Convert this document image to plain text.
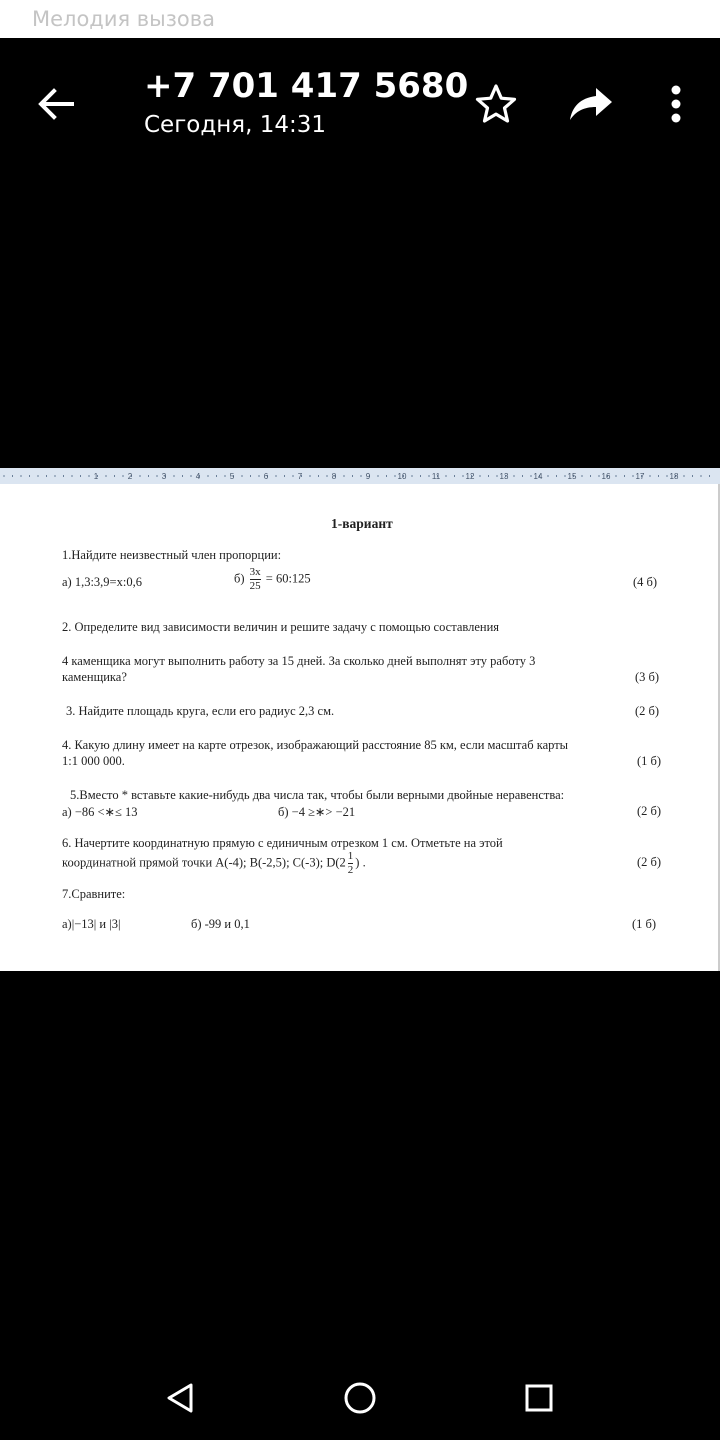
Мелодия вызова
+7 701 417 5680
Сегодня, 14:31
1	2	3	4	5	6	7	8	9	10	11	12	13	14	15	16	17	18
1-вариант
1.Найдите неизвестный член пропорции:
а) 1,3:3,9=х:0,6	$б) \frac{3х}{25}$ = 60:125	(4 б)
2. Определите вид зависимости величин и решите задачу с помощью составления
4 каменщика могут выполнить работу за 15 дней. За сколько дней выполнят эту работу 3
каменщика?	(3 б)
3. Найдите площадь круга, если его радиус 2,3 см.	(2 б)
4. Какую длину имеет на карте отрезок, изображающий расстояние 85 км, если масштаб карты
1:1 000 000.	(1 б)
5.Вместо * вставьте какие-нибудь два числа так, чтобы были верными двойные неравенства:
а) −86 <∗≤ 13	б) −4 ≥∗> −21	(2 б)
6. Начертите координатную прямую с единичным отрезком 1 см. Отметьте на этой
координатной прямой точки А(-4); В(-2,5); С(-3); $D(2 \frac{1}{2}$ ) .	(2 б)
7.Сравните:
а)|−13| и |3|	б) -99 и 0,1	(1 б)
